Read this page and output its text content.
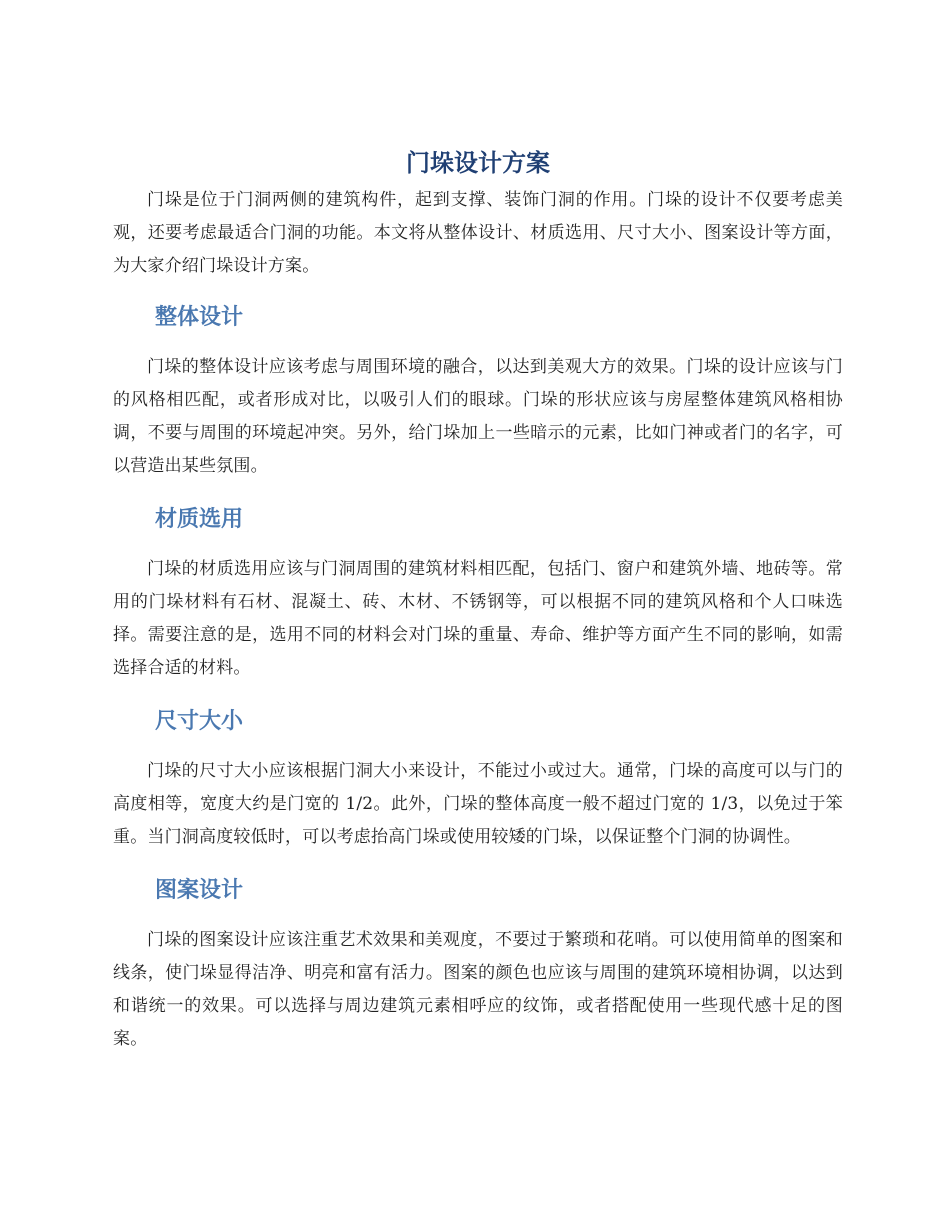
门垛设计方案

门垛是位于门洞两侧的建筑构件，起到支撑、装饰门洞的作用。门垛的设计不仅要考虑美观，还要考虑最适合门洞的功能。本文将从整体设计、材质选用、尺寸大小、图案设计等方面，为大家介绍门垛设计方案。

整体设计

门垛的整体设计应该考虑与周围环境的融合，以达到美观大方的效果。门垛的设计应该与门的风格相匹配，或者形成对比，以吸引人们的眼球。门垛的形状应该与房屋整体建筑风格相协调，不要与周围的环境起冲突。另外，给门垛加上一些暗示的元素，比如门神或者门的名字，可以营造出某些氛围。

材质选用

门垛的材质选用应该与门洞周围的建筑材料相匹配，包括门、窗户和建筑外墙、地砖等。常用的门垛材料有石材、混凝土、砖、木材、不锈钢等，可以根据不同的建筑风格和个人口味选择。需要注意的是，选用不同的材料会对门垛的重量、寿命、维护等方面产生不同的影响，如需选择合适的材料。

尺寸大小

门垛的尺寸大小应该根据门洞大小来设计，不能过小或过大。通常，门垛的高度可以与门的高度相等，宽度大约是门宽的 1/2。此外，门垛的整体高度一般不超过门宽的 1/3，以免过于笨重。当门洞高度较低时，可以考虑抬高门垛或使用较矮的门垛，以保证整个门洞的协调性。

图案设计

门垛的图案设计应该注重艺术效果和美观度，不要过于繁琐和花哨。可以使用简单的图案和线条，使门垛显得洁净、明亮和富有活力。图案的颜色也应该与周围的建筑环境相协调，以达到和谐统一的效果。可以选择与周边建筑元素相呼应的纹饰，或者搭配使用一些现代感十足的图案。
